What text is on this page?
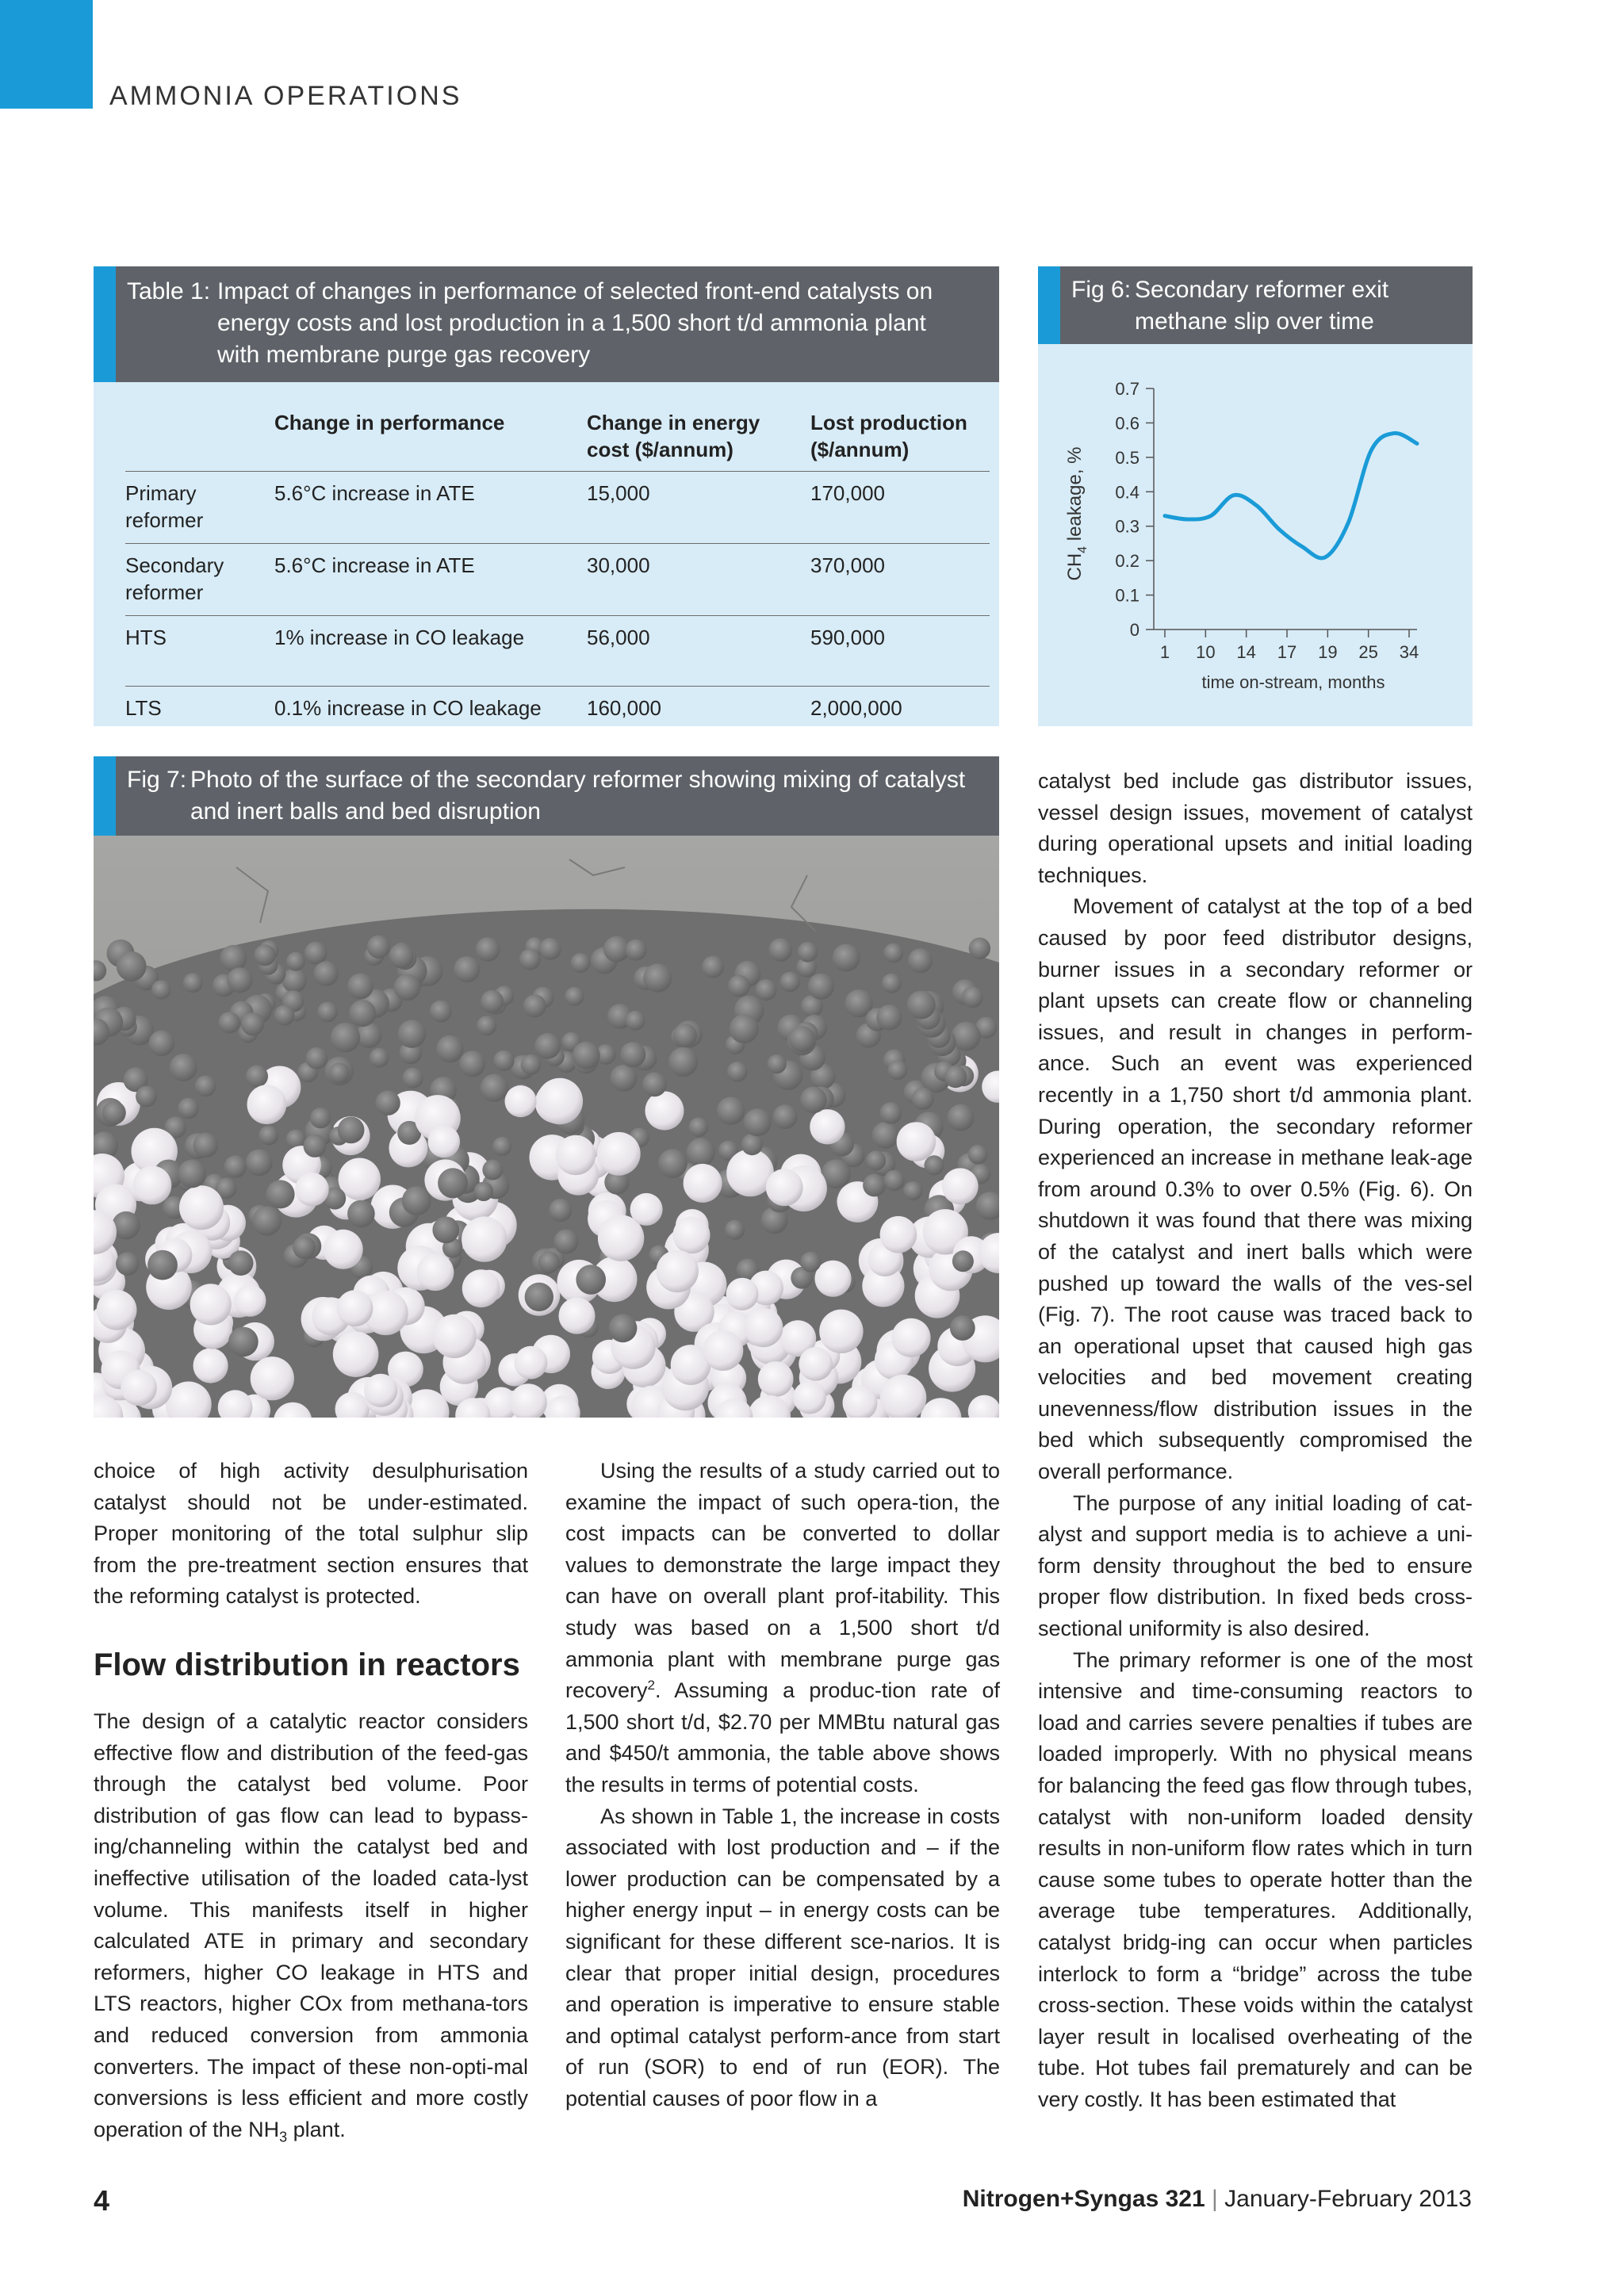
AMMONIA OPERATIONS
Table 1: Impact of changes in performance of selected front-end catalysts on
energy costs and lost production in a 1,500 short t/d ammonia plant
with membrane purge gas recovery
	Change in performance	Change in energy cost ($/annum)	Lost production ($/annum)
Primary reformer	5.6°C increase in ATE	15,000	170,000
Secondary reformer	5.6°C increase in ATE	30,000	370,000
HTS	1% increase in CO leakage	56,000	590,000
LTS	0.1% increase in CO leakage	160,000	2,000,000
Fig 6: Secondary reformer exit
methane slip over time
$CH_4$ leakage, %
0
0.1
0.2
0.3
0.4
0.5
0.6
0.7
1 10 14 17 19 25 34
time on-stream, months
Fig 7: Photo of the surface of the secondary reformer showing mixing of catalyst
and inert balls and bed disruption

choice of high activity desulphurisation catalyst should not be under-estimated. Proper monitoring of the total sulphur slip from the pre-treatment section ensures that the reforming catalyst is protected.

Flow distribution in reactors

The design of a catalytic reactor considers effective flow and distribution of the feed-gas through the catalyst bed volume. Poor distribution of gas flow can lead to bypass-ing/channeling within the catalyst bed and ineffective utilisation of the loaded cata-lyst volume. This manifests itself in higher calculated ATE in primary and secondary reformers, higher CO leakage in HTS and LTS reactors, higher COx from methana-tors and reduced conversion from ammonia converters. The impact of these non-opti-mal conversions is less efficient and more costly operation of the $NH_3$ plant.

Using the results of a study carried out to examine the impact of such opera-tion, the cost impacts can be converted to dollar values to demonstrate the large impact they can have on overall plant prof-itability. This study was based on a 1,500 short t/d ammonia plant with membrane purge gas recovery$^2$. Assuming a produc-tion rate of 1,500 short t/d, $2.70 per MMBtu natural gas and $450/t ammonia, the table above shows the results in terms of potential costs.

As shown in Table 1, the increase in costs associated with lost production and – if the lower production can be compensated by a higher energy input – in energy costs can be significant for these different sce-narios. It is clear that proper initial design, procedures and operation is imperative to ensure stable and optimal catalyst perform-ance from start of run (SOR) to end of run (EOR). The potential causes of poor flow in a

catalyst bed include gas distributor issues, vessel design issues, movement of catalyst during operational upsets and initial loading techniques.

Movement of catalyst at the top of a bed caused by poor feed distributor designs, burner issues in a secondary reformer or plant upsets can create flow or channeling issues, and result in changes in perform-ance. Such an event was experienced recently in a 1,750 short t/d ammonia plant. During operation, the secondary reformer experienced an increase in methane leak-age from around 0.3% to over 0.5% (Fig. 6). On shutdown it was found that there was mixing of the catalyst and inert balls which were pushed up toward the walls of the ves-sel (Fig. 7). The root cause was traced back to an operational upset that caused high gas velocities and bed movement creating unevenness/flow distribution issues in the bed which subsequently compromised the overall performance.

The purpose of any initial loading of cat-alyst and support media is to achieve a uni-form density throughout the bed to ensure proper flow distribution. In fixed beds cross-sectional uniformity is also desired.

The primary reformer is one of the most intensive and time-consuming reactors to load and carries severe penalties if tubes are loaded improperly. With no physical means for balancing the feed gas flow through tubes, catalyst with non-uniform loaded density results in non-uniform flow rates which in turn cause some tubes to operate hotter than the average tube temperatures. Additionally, catalyst bridg-ing can occur when particles interlock to form a “bridge” across the tube cross-section. These voids within the catalyst layer result in localised overheating of the tube. Hot tubes fail prematurely and can be very costly. It has been estimated that

4	Nitrogen+Syngas 321 | January-February 2013
